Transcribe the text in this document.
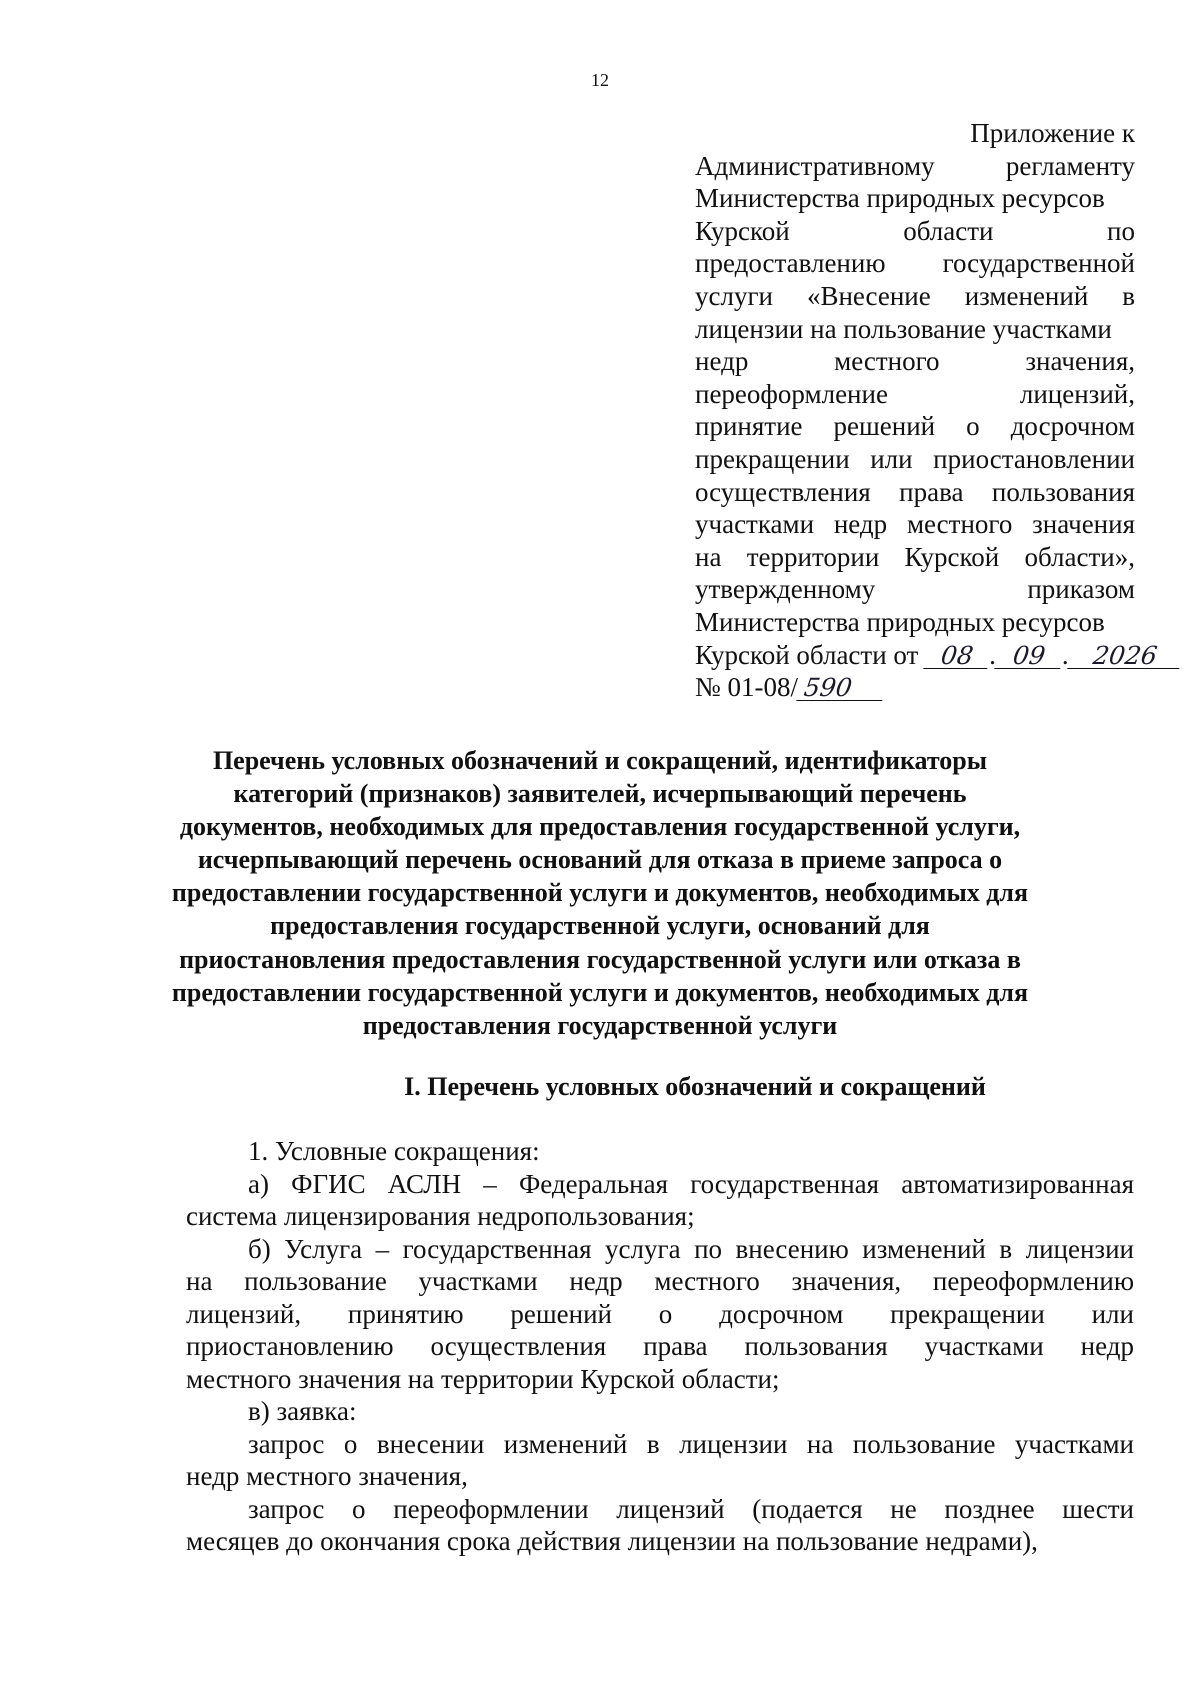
12
Приложение к
Административному регламенту
Министерства природных ресурсов
Курской области по
предоставлению государственной
услуги «Внесение изменений в
лицензии на пользование участками
недр местного значения,
переоформление лицензий,
принятие решений о досрочном
прекращении или приостановлении
осуществления права пользования
участками недр местного значения
на территории Курской области»,
утвержденному приказом
Министерства природных ресурсов
Курской области от 08 . 09 . 2026
№ 01-08/ 590
Перечень условных обозначений и сокращений, идентификаторы
категорий (признаков) заявителей, исчерпывающий перечень
документов, необходимых для предоставления государственной услуги,
исчерпывающий перечень оснований для отказа в приеме запроса о
предоставлении государственной услуги и документов, необходимых для
предоставления государственной услуги, оснований для
приостановления предоставления государственной услуги или отказа в
предоставлении государственной услуги и документов, необходимых для
предоставления государственной услуги
I. Перечень условных обозначений и сокращений
1. Условные сокращения:
а) ФГИС АСЛН – Федеральная государственная автоматизированная
система лицензирования недропользования;
б) Услуга – государственная услуга по внесению изменений в лицензии
на пользование участками недр местного значения, переоформлению
лицензий, принятию решений о досрочном прекращении или
приостановлению осуществления права пользования участками недр
местного значения на территории Курской области;
в) заявка:
запрос о внесении изменений в лицензии на пользование участками
недр местного значения,
запрос о переоформлении лицензий (подается не позднее шести
месяцев до окончания срока действия лицензии на пользование недрами),
